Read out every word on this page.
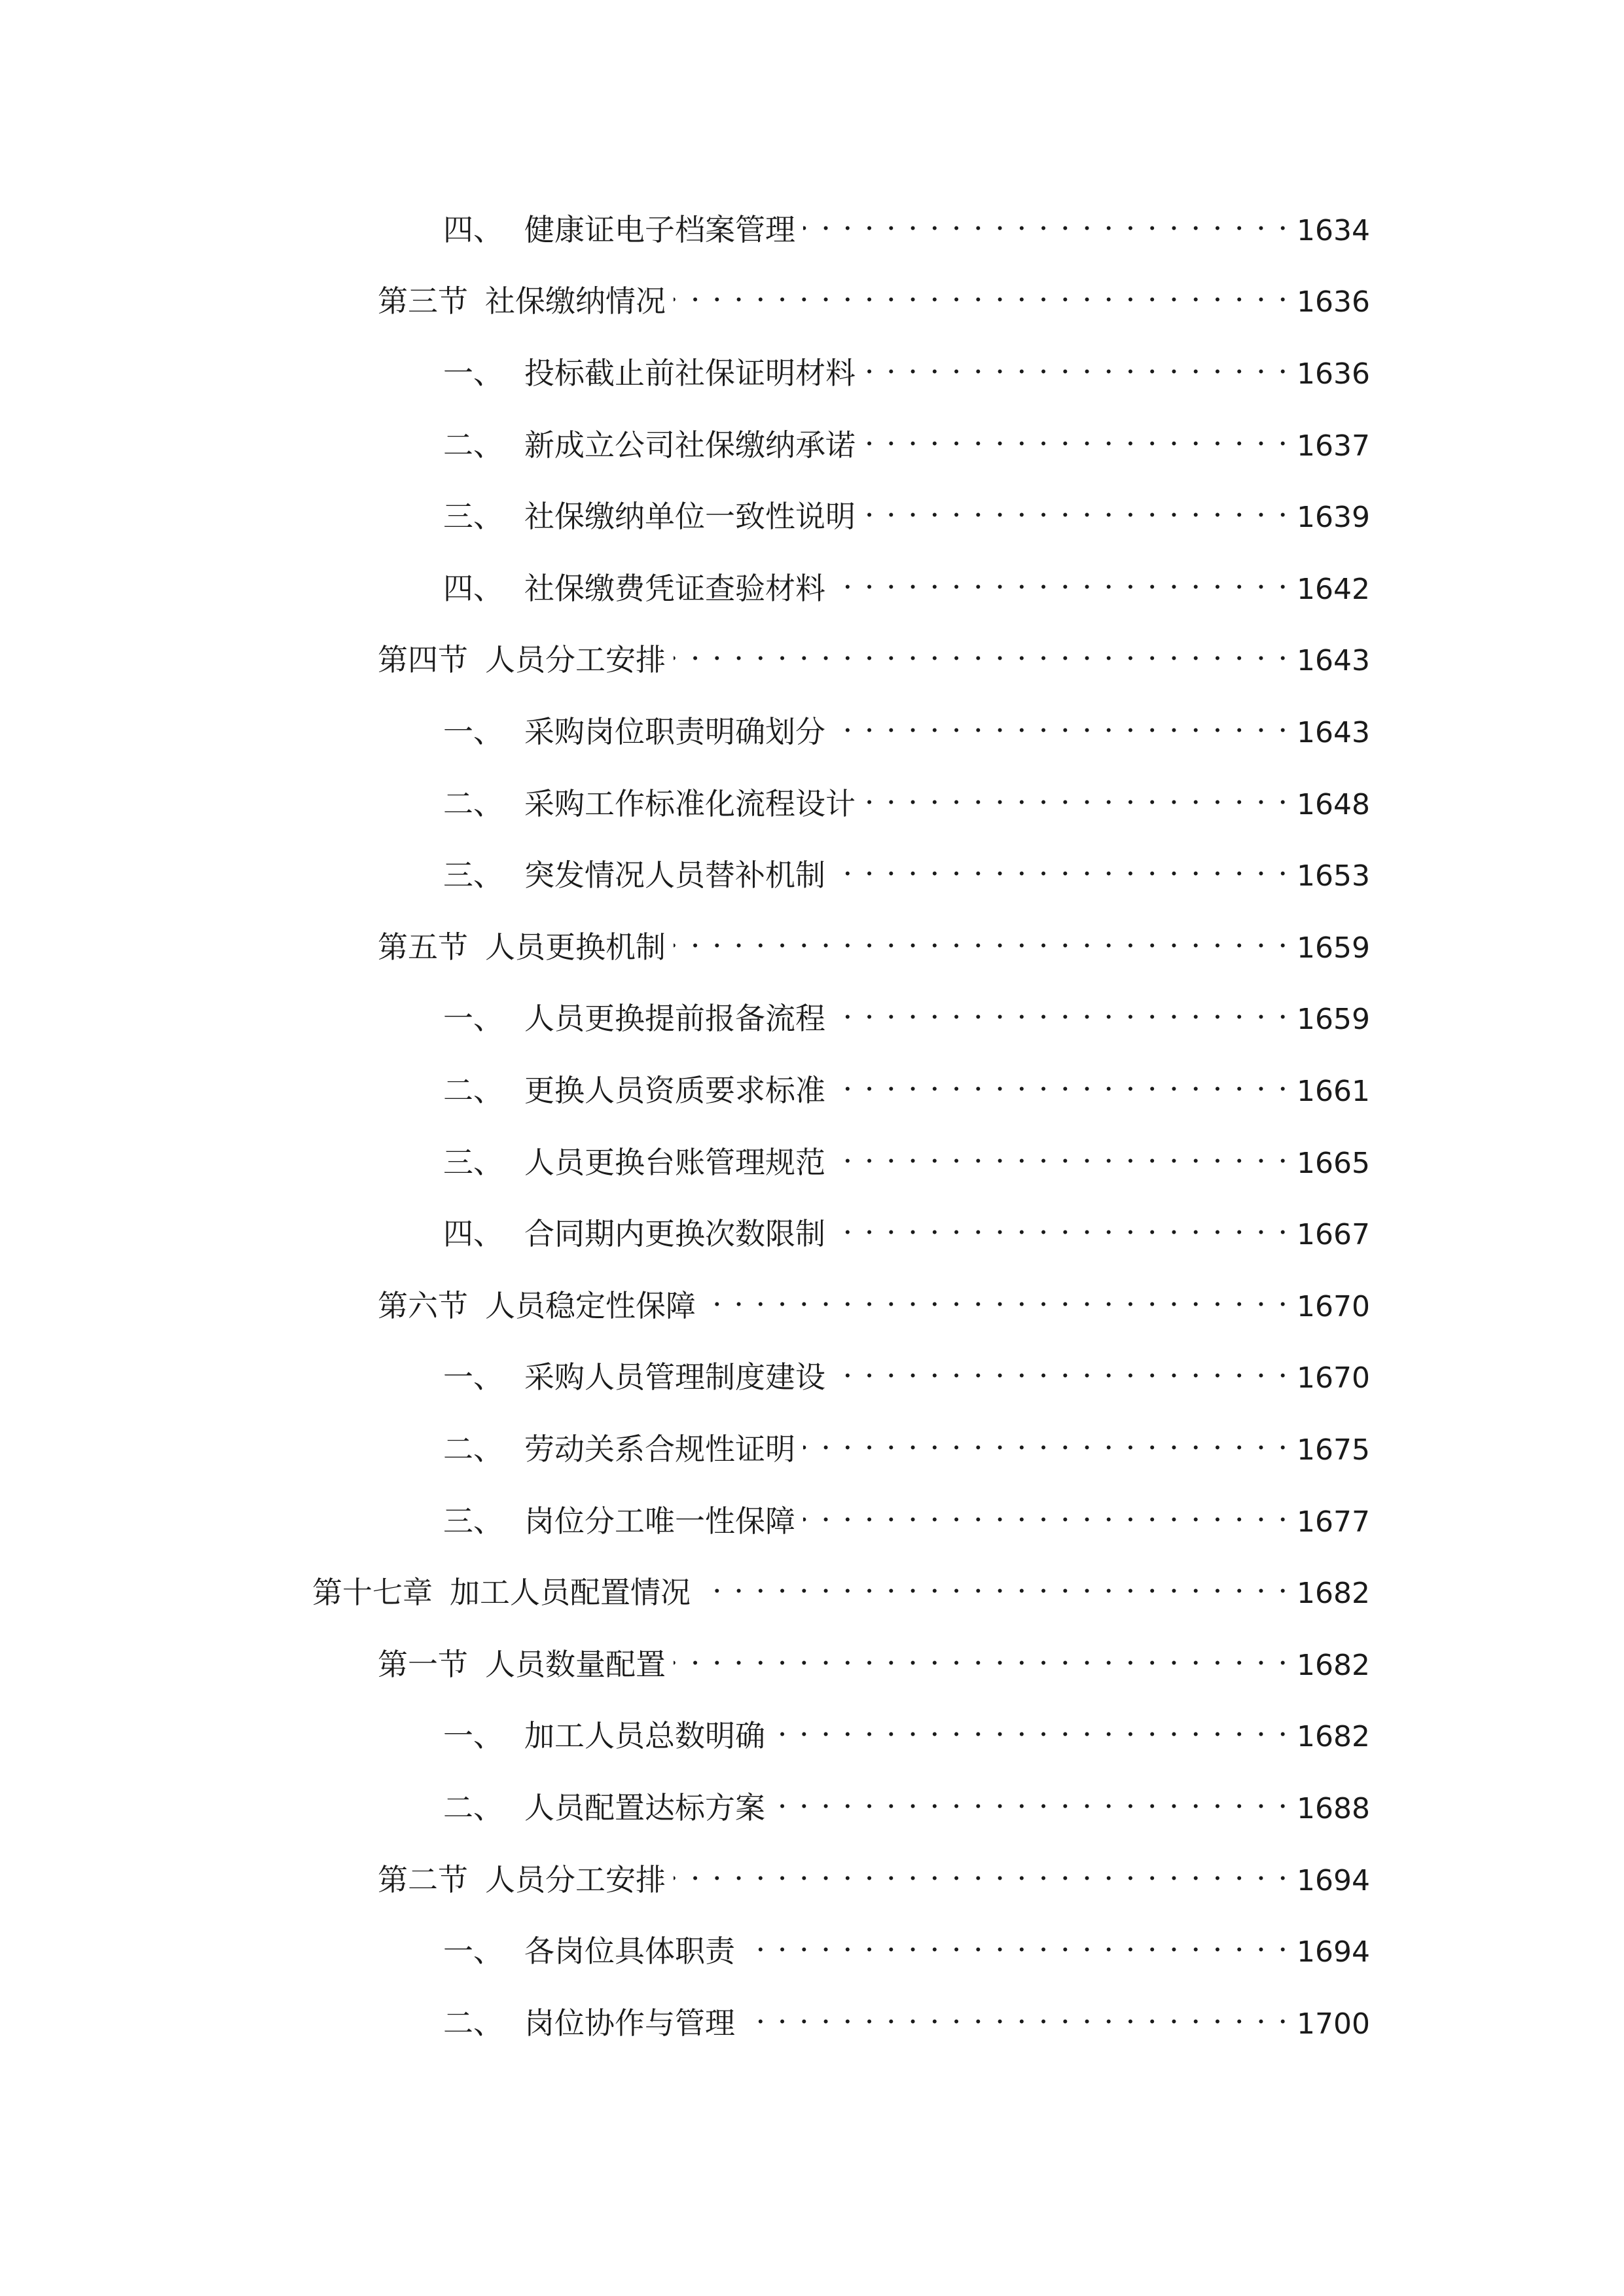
四、 健康证电子档案管理 . . .	1634
第三节 社保缴纳情况 . . .	1636
一、 投标截止前社保证明材料 . . .	1636
二、 新成立公司社保缴纳承诺 . . .	1637
三、 社保缴纳单位一致性说明 . . .	1639
四、 社保缴费凭证查验材料 . . .	1642
第四节 人员分工安排 . . .	1643
一、 采购岗位职责明确划分 . . .	1643
二、 采购工作标准化流程设计 . . .	1648
三、 突发情况人员替补机制 . . .	1653
第五节 人员更换机制 . . .	1659
一、 人员更换提前报备流程 . . .	1659
二、 更换人员资质要求标准 . . .	1661
三、 人员更换台账管理规范 . . .	1665
四、 合同期内更换次数限制 . . .	1667
第六节 人员稳定性保障 . . .	1670
一、 采购人员管理制度建设 . . .	1670
二、 劳动关系合规性证明 . . .	1675
三、 岗位分工唯一性保障 . . .	1677
第十七章 加工人员配置情况 . . .	1682
第一节 人员数量配置 . . .	1682
一、 加工人员总数明确 . . .	1682
二、 人员配置达标方案 . . .	1688
第二节 人员分工安排 . . .	1694
一、 各岗位具体职责 . . .	1694
二、 岗位协作与管理 . . .	1700
